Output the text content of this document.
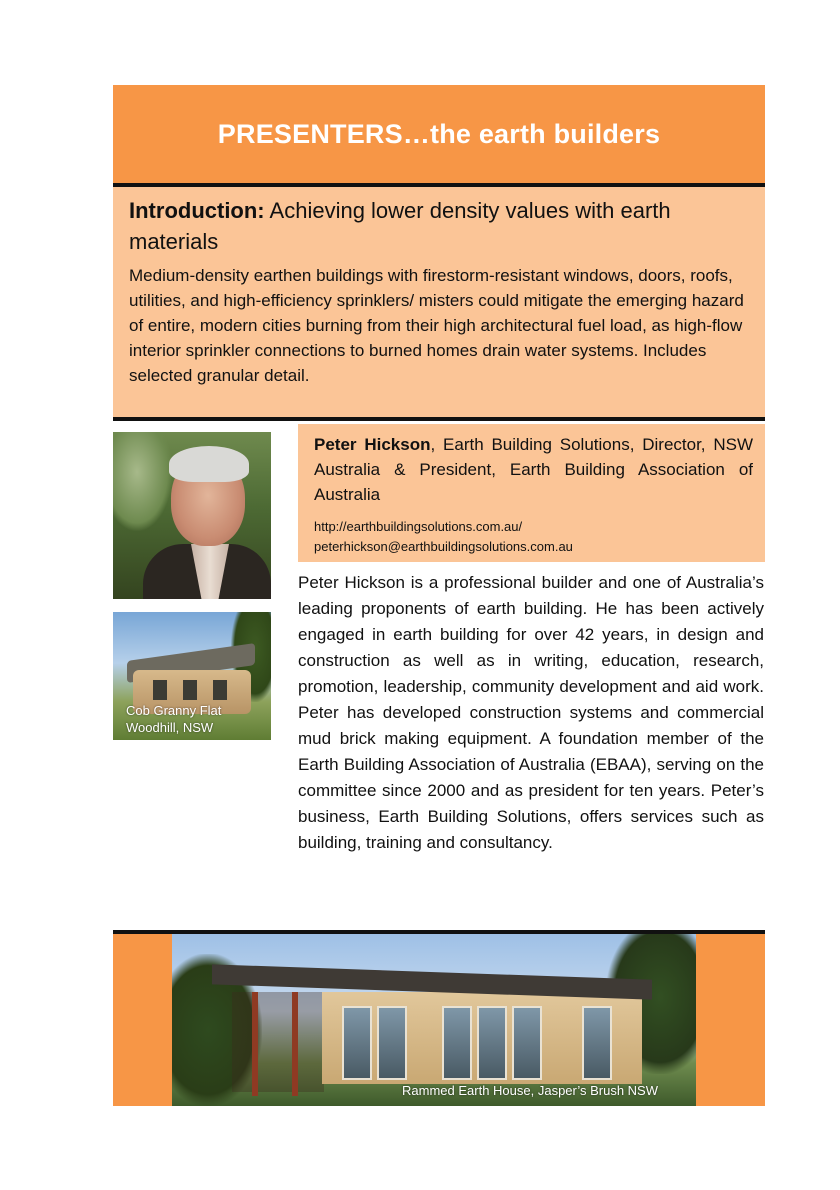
PRESENTERS…the earth builders

Introduction: Achieving lower density values with earth materials

Medium-density earthen buildings with firestorm-resistant windows, doors, roofs, utilities, and high-efficiency sprinklers/ misters could mitigate the emerging hazard of entire, modern cities burning from their high architectural fuel load, as high-flow interior sprinkler connections to burned homes drain water systems. Includes selected granular detail.

Cob Granny Flat
Woodhill, NSW

Peter Hickson, Earth Building Solutions, Director, NSW Australia & President, Earth Building Association of Australia

http://earthbuildingsolutions.com.au/
peterhickson@earthbuildingsolutions.com.au

Peter Hickson is a professional builder and one of Australia’s leading proponents of earth building. He has been actively engaged in earth building for over 42 years, in design and construction as well as in writing, education, research, promotion, leadership, community development and aid work. Peter has developed construction systems and commercial mud brick making equipment. A foundation member of the Earth Building Association of Australia (EBAA), serving on the committee since 2000 and as president for ten years. Peter’s business, Earth Building Solutions, offers services such as building, training and consultancy.

Rammed Earth House, Jasper’s Brush NSW
